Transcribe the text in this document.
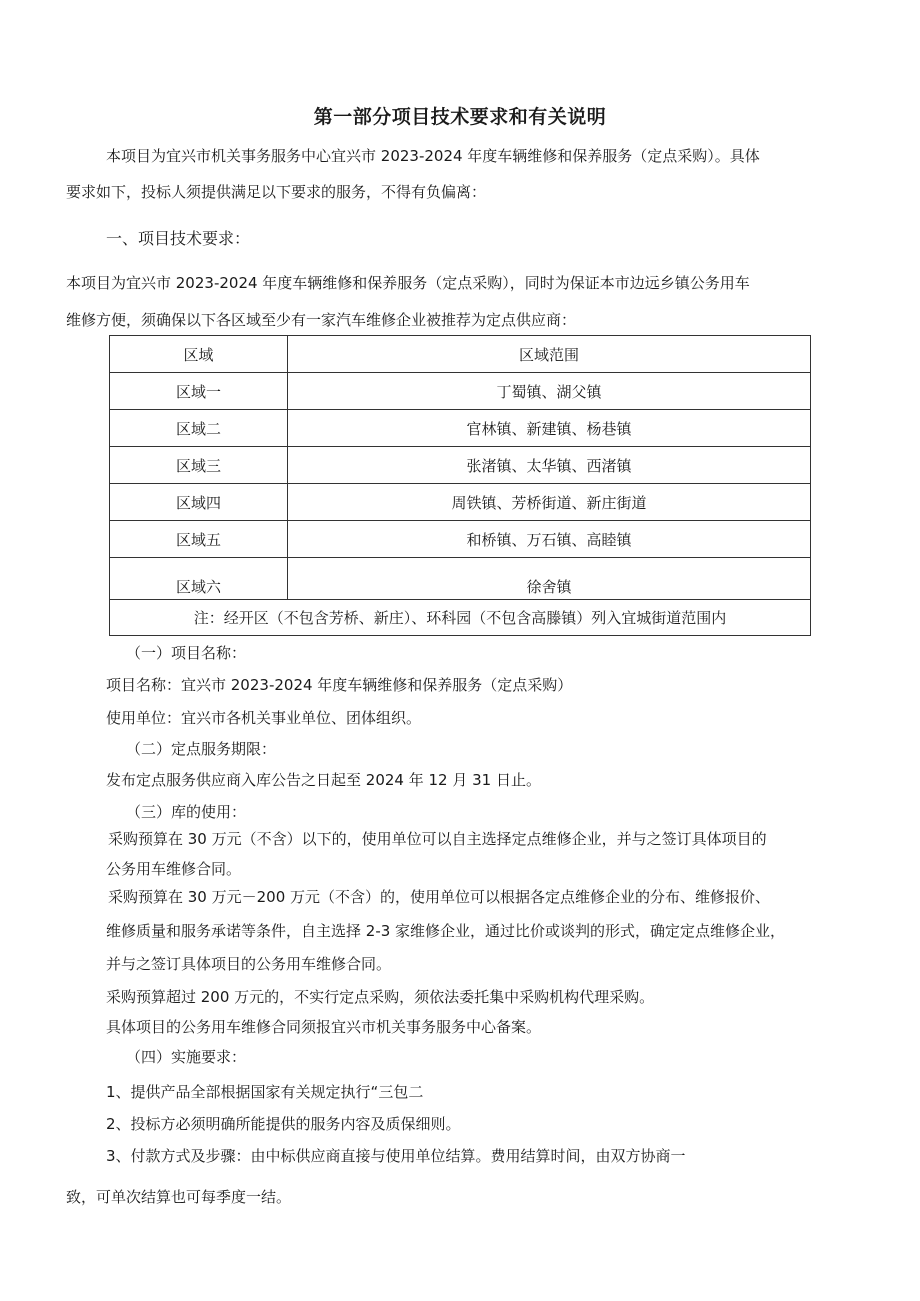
第一部分项目技术要求和有关说明
本项目为宜兴市机关事务服务中心宜兴市 2023-2024 年度车辆维修和保养服务（定点采购）。具体
要求如下，投标人须提供满足以下要求的服务，不得有负偏离：
一、项目技术要求：
本项目为宜兴市 2023-2024 年度车辆维修和保养服务（定点采购），同时为保证本市边远乡镇公务用车
维修方便，须确保以下各区域至少有一家汽车维修企业被推荐为定点供应商：
区域	区域范围
区域一	丁蜀镇、湖父镇
区域二	官林镇、新建镇、杨巷镇
区域三	张渚镇、太华镇、西渚镇
区域四	周铁镇、芳桥街道、新庄街道
区域五	和桥镇、万石镇、高睦镇
区域六	徐舍镇
注：经开区（不包含芳桥、新庄）、环科园（不包含高滕镇）列入宜城街道范围内	
（一）项目名称：
项目名称：宜兴市 2023-2024 年度车辆维修和保养服务（定点采购）
使用单位：宜兴市各机关事业单位、团体组织。
（二）定点服务期限：
发布定点服务供应商入库公告之日起至 2024 年 12 月 31 日止。
（三）库的使用：
采购预算在 30 万元（不含）以下的，使用单位可以自主选择定点维修企业，并与之签订具体项目的
公务用车维修合同。
采购预算在 30 万元－200 万元（不含）的，使用单位可以根据各定点维修企业的分布、维修报价、
维修质量和服务承诺等条件，自主选择 2-3 家维修企业，通过比价或谈判的形式，确定定点维修企业，
并与之签订具体项目的公务用车维修合同。
采购预算超过 200 万元的，不实行定点采购，须依法委托集中采购机构代理采购。
具体项目的公务用车维修合同须报宜兴市机关事务服务中心备案。
（四）实施要求：
1、提供产品全部根据国家有关规定执行“三包二
2、投标方必须明确所能提供的服务内容及质保细则。
3、付款方式及步骤：由中标供应商直接与使用单位结算。费用结算时间，由双方协商一
致，可单次结算也可每季度一结。
